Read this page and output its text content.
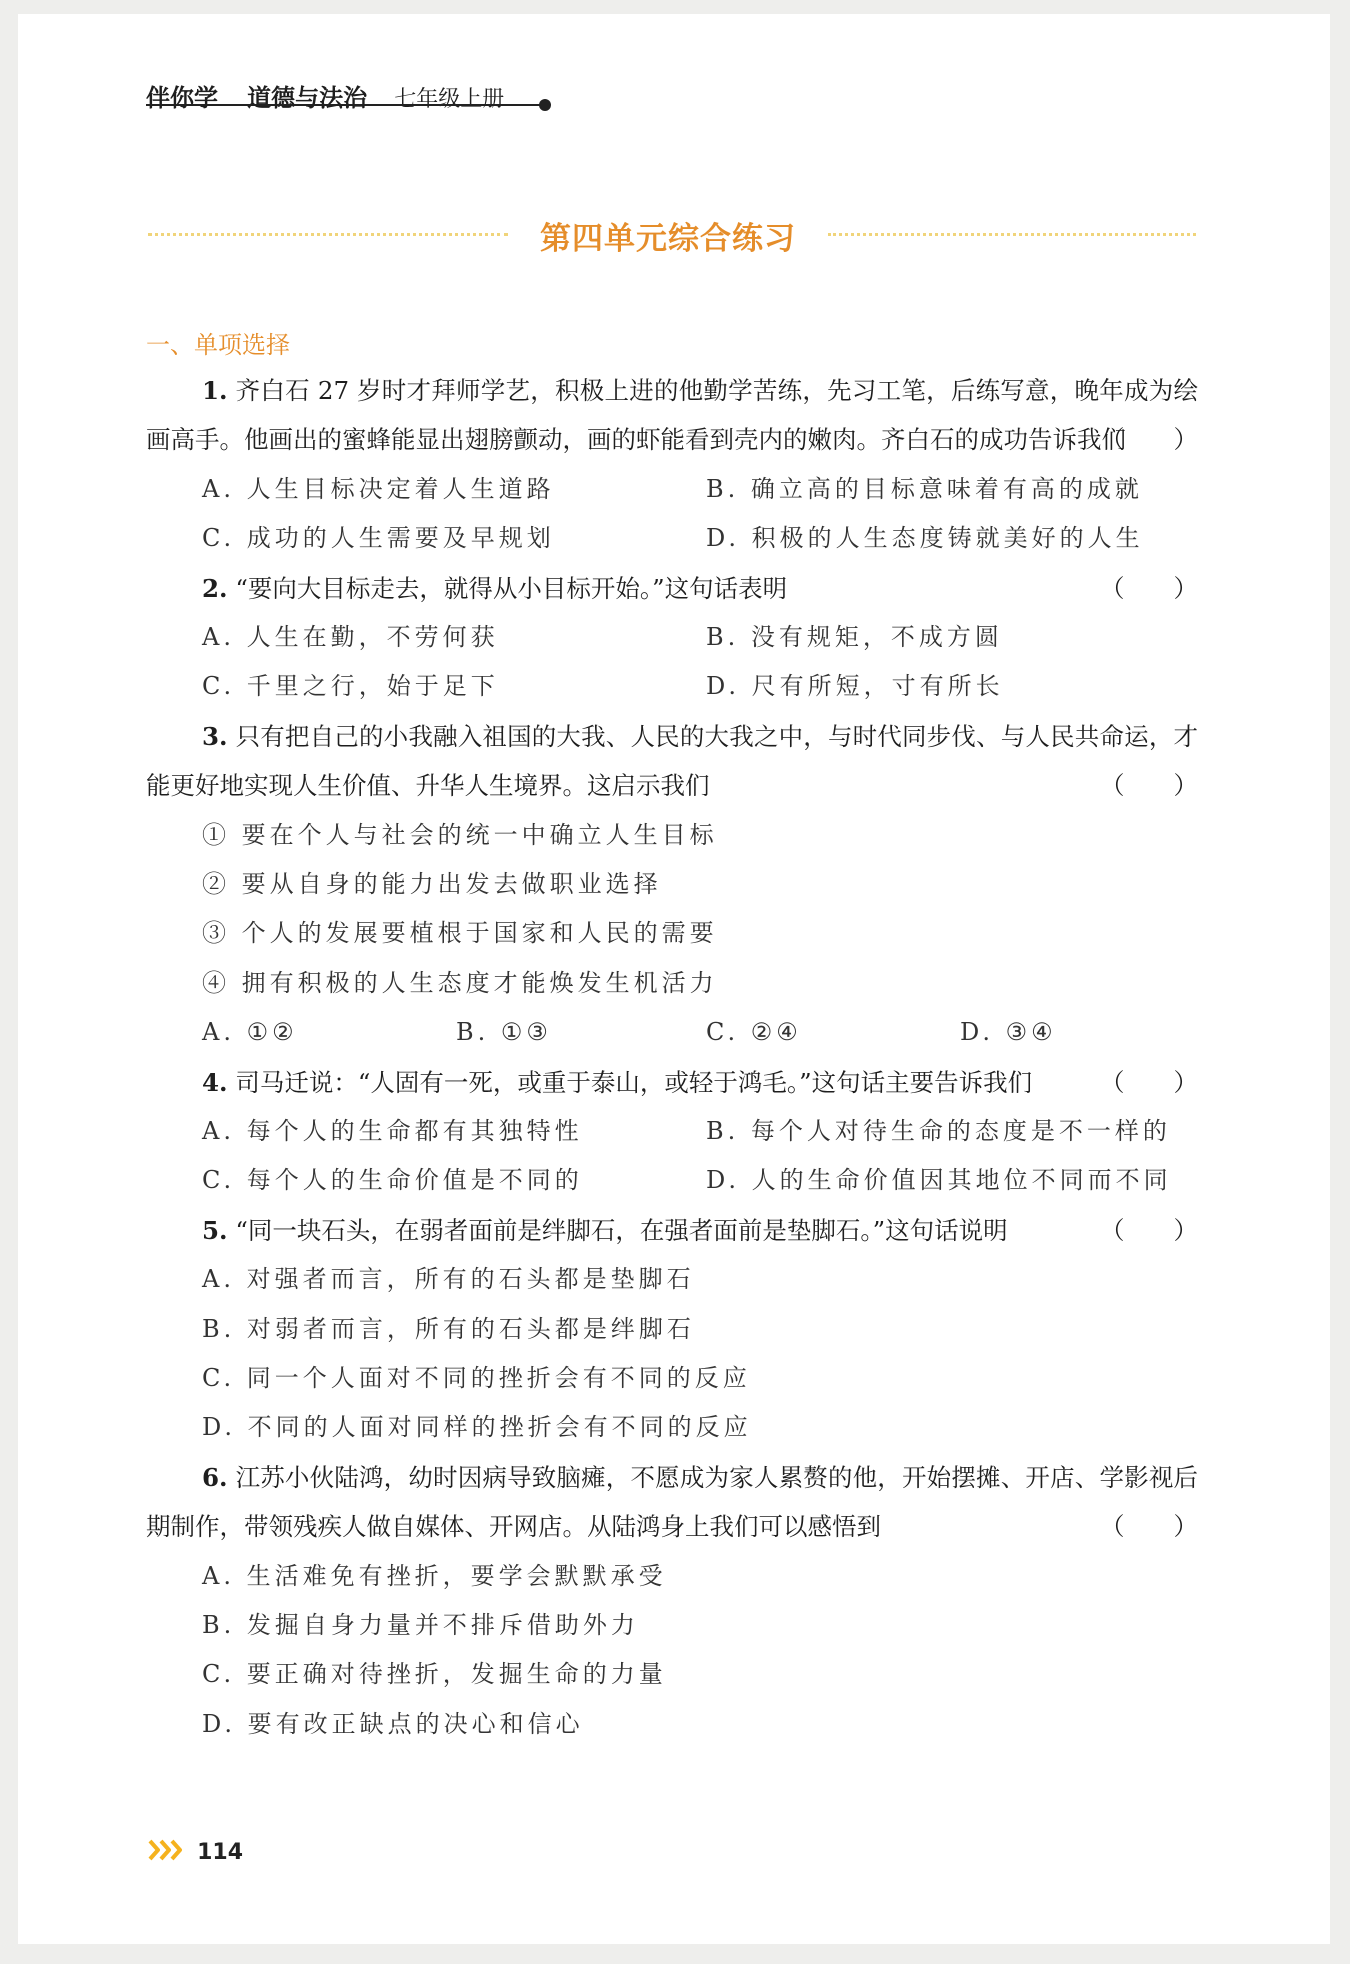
伴你学 道德与法治 七年级上册
第四单元综合练习
一、单项选择
1. 齐白石 27 岁时才拜师学艺，积极上进的他勤学苦练，先习工笔，后练写意，晚年成为绘画高手。他画出的蜜蜂能显出翅膀颤动，画的虾能看到壳内的嫩肉。齐白石的成功告诉我们
（　　）
A. 人生目标决定着人生道路	B. 确立高的目标意味着有高的成就
C. 成功的人生需要及早规划	D. 积极的人生态度铸就美好的人生
2. “要向大目标走去，就得从小目标开始。”这句话表明	（　　）
A. 人生在勤，不劳何获	B. 没有规矩，不成方圆
C. 千里之行，始于足下	D. 尺有所短，寸有所长
3. 只有把自己的小我融入祖国的大我、人民的大我之中，与时代同步伐、与人民共命运，才能更好地实现人生价值、升华人生境界。这启示我们	（　　）
① 要在个人与社会的统一中确立人生目标
② 要从自身的能力出发去做职业选择
③ 个人的发展要植根于国家和人民的需要
④ 拥有积极的人生态度才能焕发生机活力
A. ①②	B. ①③	C. ②④	D. ③④
4. 司马迁说：“人固有一死，或重于泰山，或轻于鸿毛。”这句话主要告诉我们	（　　）
A. 每个人的生命都有其独特性	B. 每个人对待生命的态度是不一样的
C. 每个人的生命价值是不同的	D. 人的生命价值因其地位不同而不同
5. “同一块石头，在弱者面前是绊脚石，在强者面前是垫脚石。”这句话说明	（　　）
A. 对强者而言，所有的石头都是垫脚石
B. 对弱者而言，所有的石头都是绊脚石
C. 同一个人面对不同的挫折会有不同的反应
D. 不同的人面对同样的挫折会有不同的反应
6. 江苏小伙陆鸿，幼时因病导致脑瘫，不愿成为家人累赘的他，开始摆摊、开店、学影视后期制作，带领残疾人做自媒体、开网店。从陆鸿身上我们可以感悟到	（　　）
A. 生活难免有挫折，要学会默默承受
B. 发掘自身力量并不排斥借助外力
C. 要正确对待挫折，发掘生命的力量
D. 要有改正缺点的决心和信心
114
